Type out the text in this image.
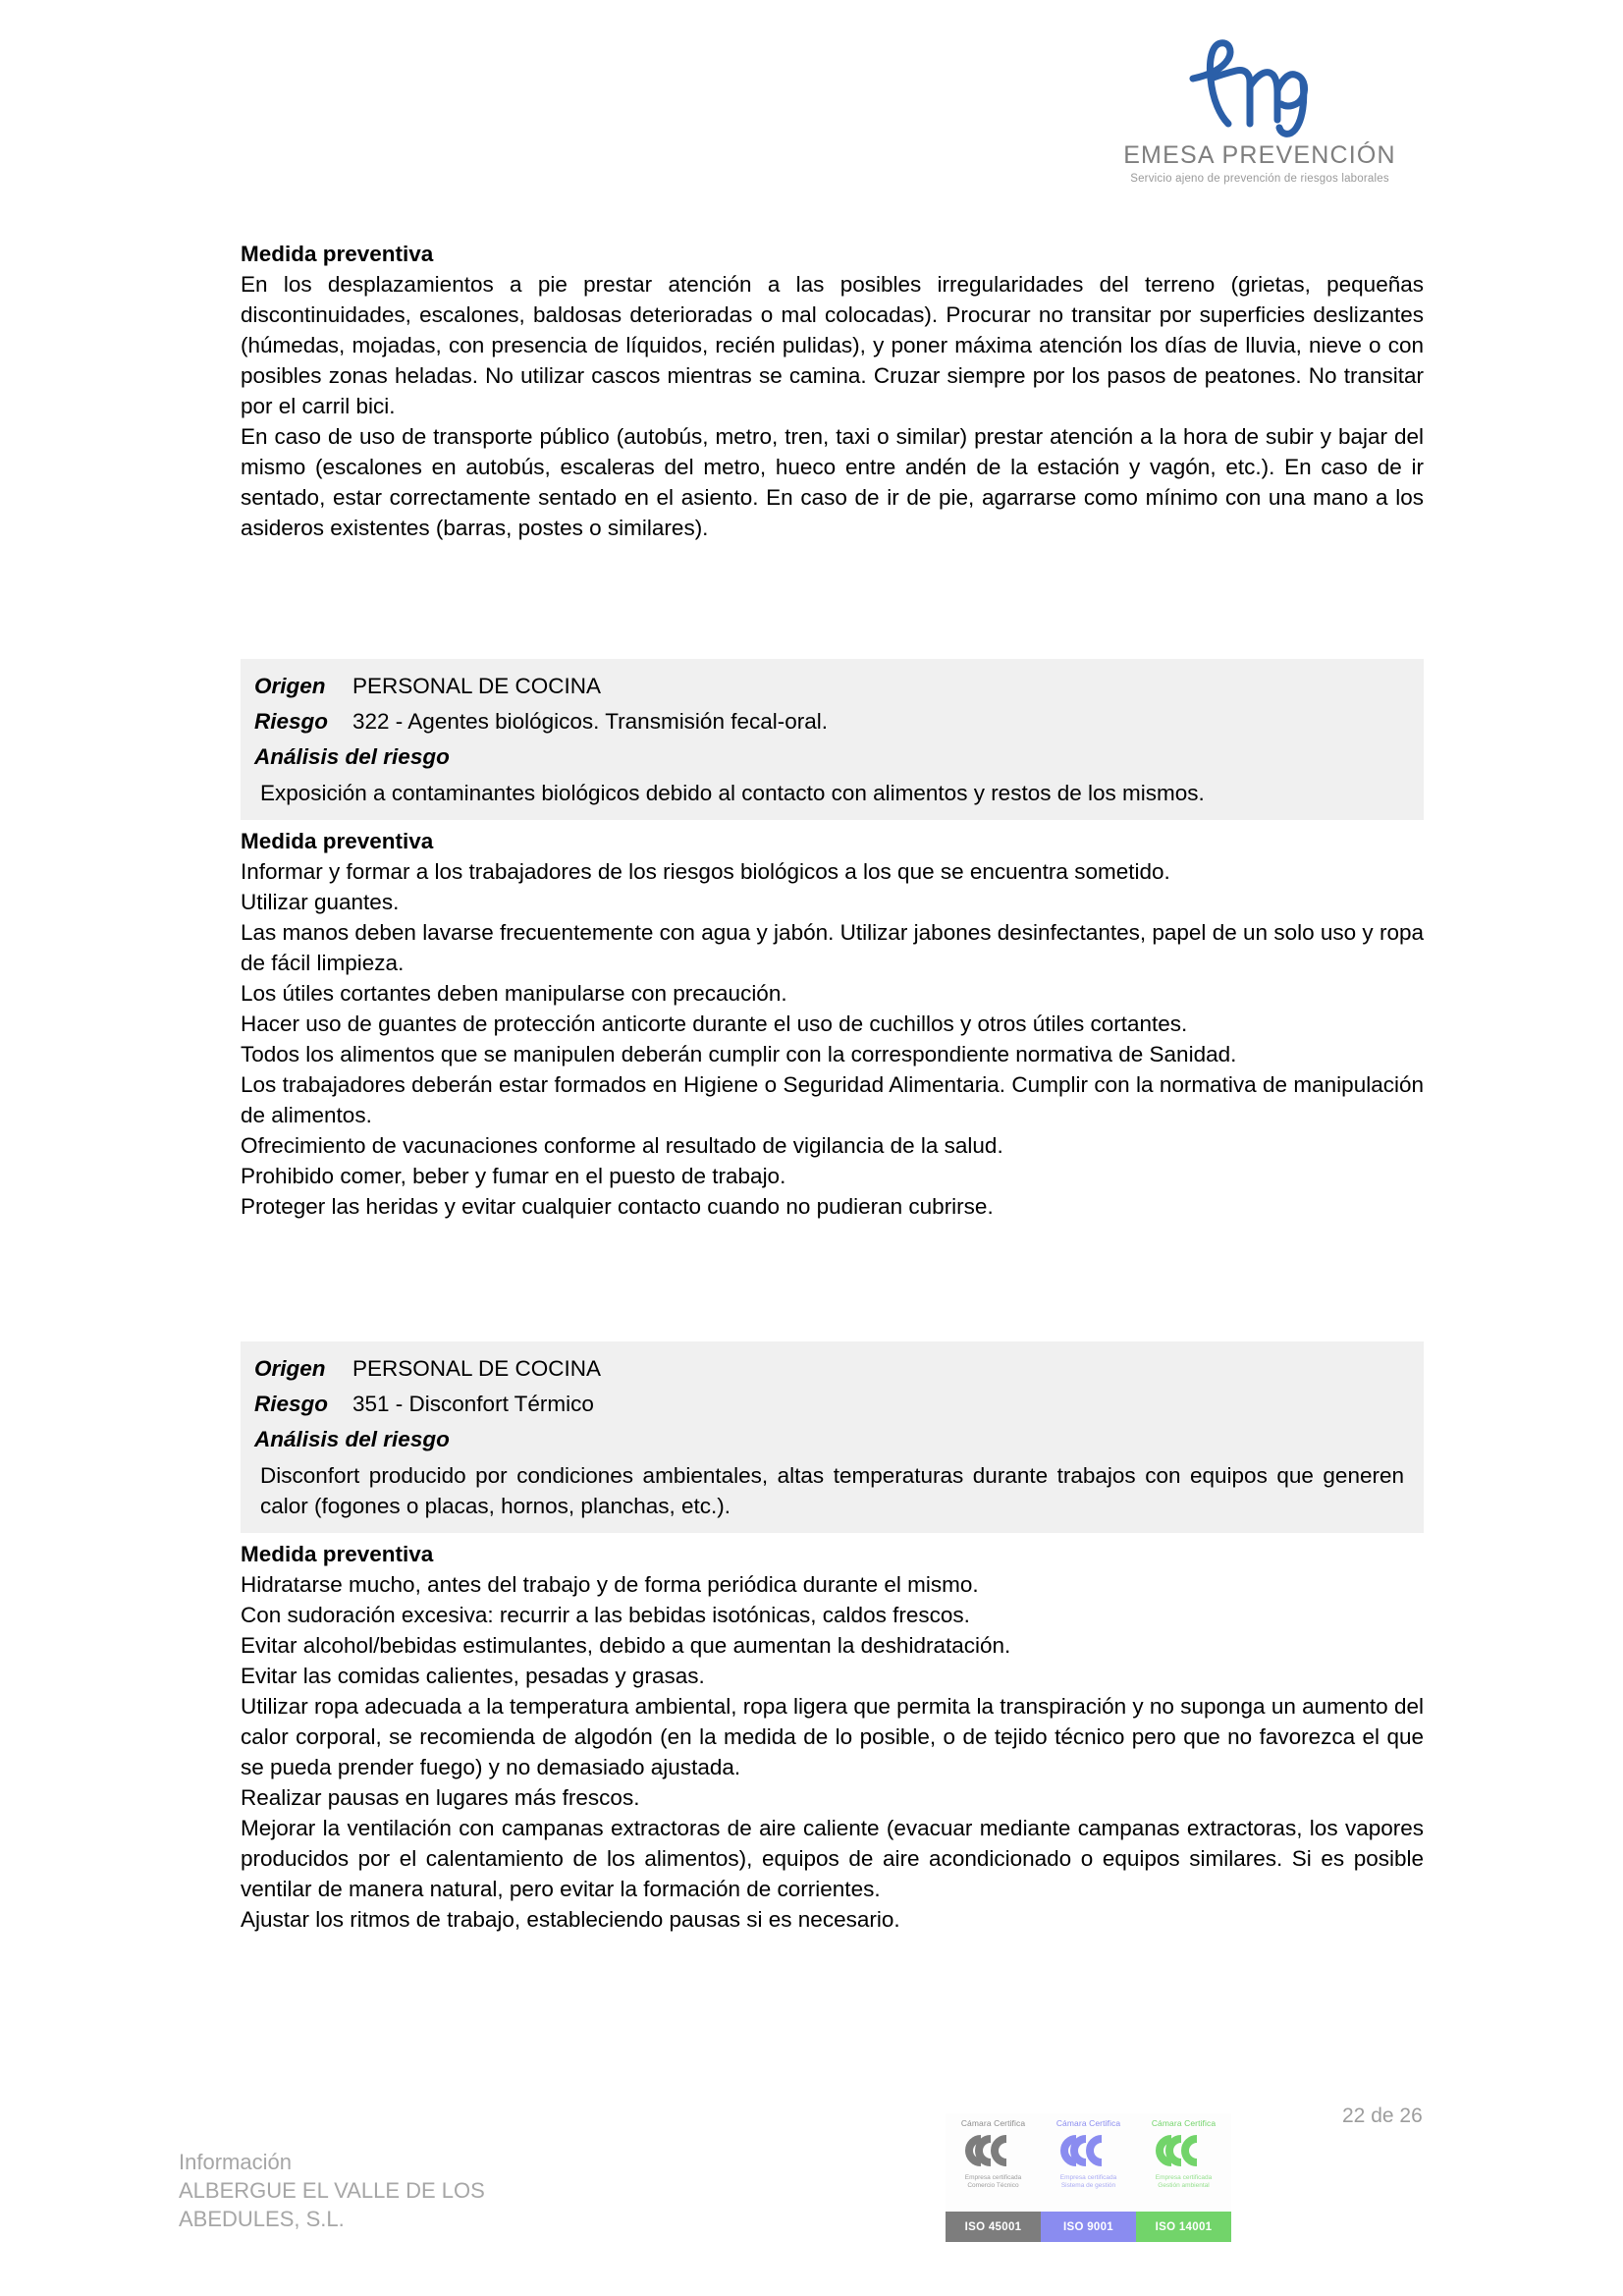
EMESA PREVENCIÓN
Servicio ajeno de prevención de riesgos laborales
Medida preventiva

En los desplazamientos a pie prestar atención a las posibles irregularidades del terreno (grietas, pequeñas discontinuidades, escalones, baldosas deterioradas o mal colocadas). Procurar no transitar por superficies deslizantes (húmedas, mojadas, con presencia de líquidos, recién pulidas), y poner máxima atención los días de lluvia, nieve o con posibles zonas heladas. No utilizar cascos mientras se camina. Cruzar siempre por los pasos de peatones. No transitar por el carril bici.

En caso de uso de transporte público (autobús, metro, tren, taxi o similar) prestar atención a la hora de subir y bajar del mismo (escalones en autobús, escaleras del metro, hueco entre andén de la estación y vagón, etc.). En caso de ir sentado, estar correctamente sentado en el asiento. En caso de ir de pie, agarrarse como mínimo con una mano a los asideros existentes (barras, postes o similares).

Origen	PERSONAL DE COCINA
Riesgo	322 - Agentes biológicos. Transmisión fecal-oral.
Análisis del riesgo
Exposición a contaminantes biológicos debido al contacto con alimentos y restos de los mismos.
Medida preventiva

Informar y formar a los trabajadores de los riesgos biológicos a los que se encuentra sometido.

Utilizar guantes.

Las manos deben lavarse frecuentemente con agua y jabón. Utilizar jabones desinfectantes, papel de un solo uso y ropa de fácil limpieza.

Los útiles cortantes deben manipularse con precaución.

Hacer uso de guantes de protección anticorte durante el uso de cuchillos y otros útiles cortantes.

Todos los alimentos que se manipulen deberán cumplir con la correspondiente normativa de Sanidad.

Los trabajadores deberán estar formados en Higiene o Seguridad Alimentaria. Cumplir con la normativa de manipulación de alimentos.

Ofrecimiento de vacunaciones conforme al resultado de vigilancia de la salud.

Prohibido comer, beber y fumar en el puesto de trabajo.

Proteger las heridas y evitar cualquier contacto cuando no pudieran cubrirse.

Origen	PERSONAL DE COCINA
Riesgo	351 - Disconfort Térmico
Análisis del riesgo
Disconfort producido por condiciones ambientales, altas temperaturas durante trabajos con equipos que generen calor (fogones o placas, hornos, planchas, etc.).
Medida preventiva

Hidratarse mucho, antes del trabajo y de forma periódica durante el mismo.

Con sudoración excesiva: recurrir a las bebidas isotónicas, caldos frescos.

Evitar alcohol/bebidas estimulantes, debido a que aumentan la deshidratación.

Evitar las comidas calientes, pesadas y grasas.

Utilizar ropa adecuada a la temperatura ambiental, ropa ligera que permita la transpiración y no suponga un aumento del calor corporal, se recomienda de algodón (en la medida de lo posible, o de tejido técnico pero que no favorezca el que se pueda prender fuego) y no demasiado ajustada.

Realizar pausas en lugares más frescos.

Mejorar la ventilación con campanas extractoras de aire caliente (evacuar mediante campanas extractoras, los vapores producidos por el calentamiento de los alimentos), equipos de aire acondicionado o equipos similares. Si es posible ventilar de manera natural, pero evitar la formación de corrientes.

Ajustar los ritmos de trabajo, estableciendo pausas si es necesario.

22 de 26
Información
ALBERGUE EL VALLE DE LOS
ABEDULES, S.L.
Cámara Certifica
Empresa certificada
Comercio Técnico
ISO 45001
Cámara Certifica
Empresa certificada
Sistema de gestión
ISO 9001
Cámara Certifica
Empresa certificada
Gestión ambiental
ISO 14001
